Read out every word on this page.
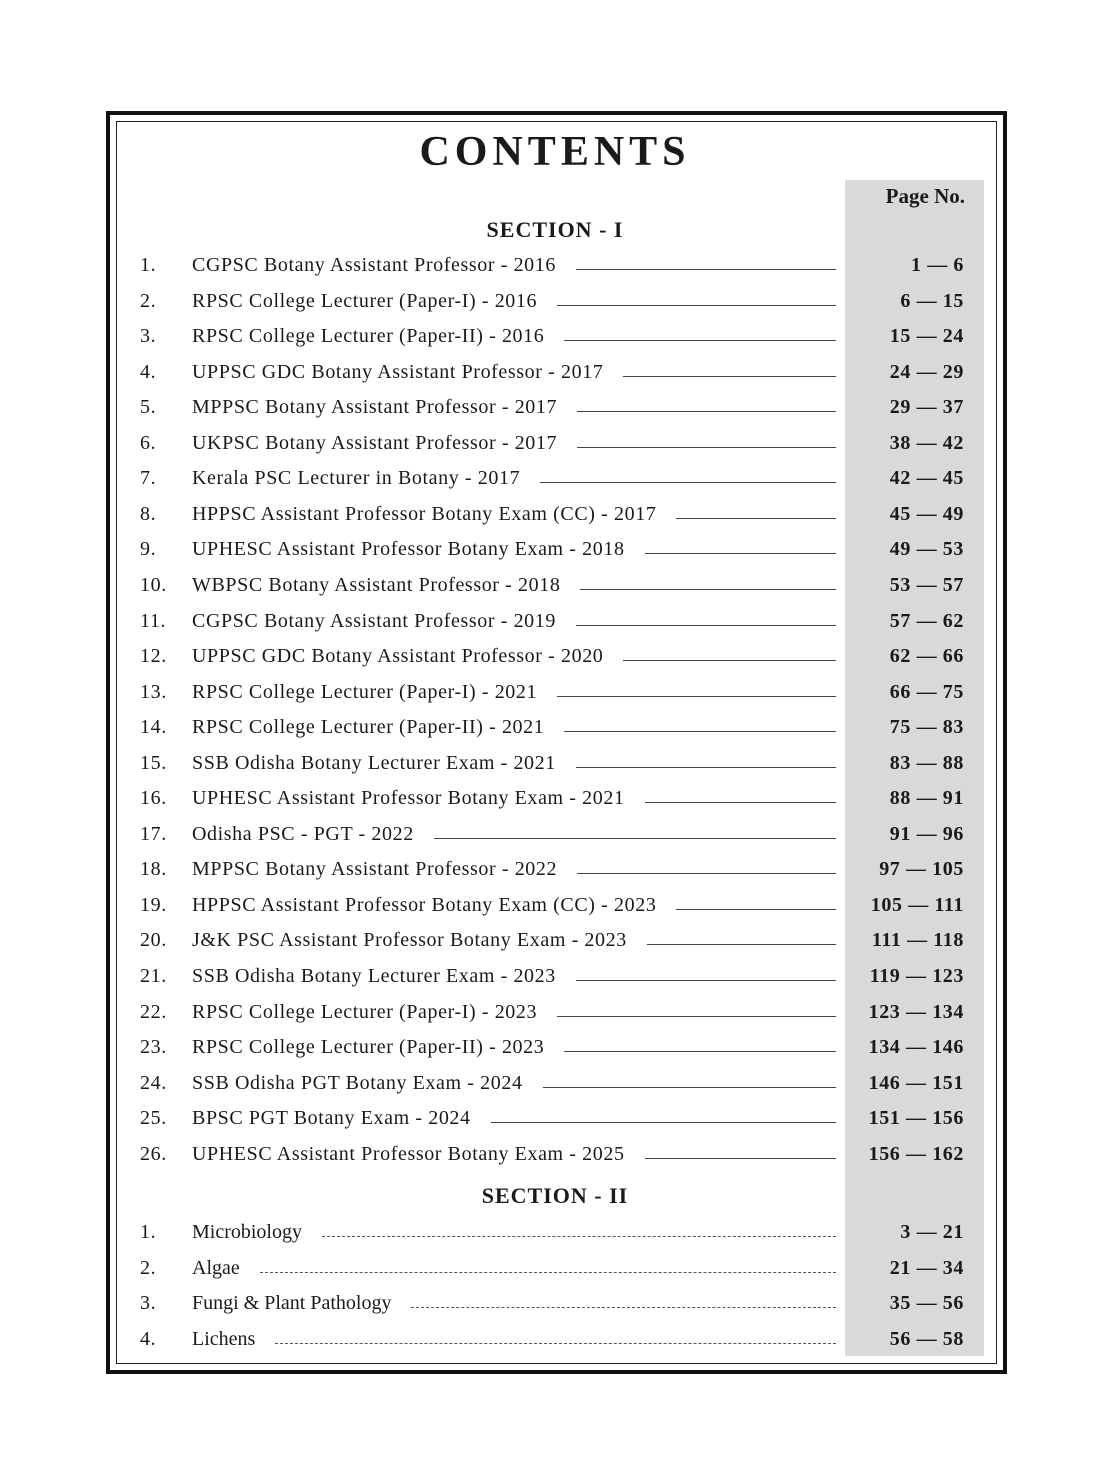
CONTENTS
Page No.
SECTION - I
SECTION - II
1.	CGPSC Botany Assistant Professor - 2016	1 — 6
2.	RPSC College Lecturer (Paper-I) - 2016	6 — 15
3.	RPSC College Lecturer (Paper-II) - 2016	15 — 24
4.	UPPSC GDC Botany Assistant Professor - 2017	24 — 29
5.	MPPSC Botany Assistant Professor - 2017	29 — 37
6.	UKPSC Botany Assistant Professor - 2017	38 — 42
7.	Kerala PSC Lecturer in Botany - 2017	42 — 45
8.	HPPSC Assistant Professor Botany Exam (CC) - 2017	45 — 49
9.	UPHESC Assistant Professor Botany Exam - 2018	49 — 53
10.	WBPSC Botany Assistant Professor - 2018	53 — 57
11.	CGPSC Botany Assistant Professor - 2019	57 — 62
12.	UPPSC GDC Botany Assistant Professor - 2020	62 — 66
13.	RPSC College Lecturer (Paper-I) - 2021	66 — 75
14.	RPSC College Lecturer (Paper-II) - 2021	75 — 83
15.	SSB Odisha Botany Lecturer Exam - 2021	83 — 88
16.	UPHESC Assistant Professor Botany Exam - 2021	88 — 91
17.	Odisha PSC - PGT - 2022	91 — 96
18.	MPPSC Botany Assistant Professor - 2022	97 — 105
19.	HPPSC Assistant Professor Botany Exam (CC) - 2023	105 — 111
20.	J&K PSC Assistant Professor Botany Exam - 2023	111 — 118
21.	SSB Odisha Botany Lecturer Exam - 2023	119 — 123
22.	RPSC College Lecturer (Paper-I) - 2023	123 — 134
23.	RPSC College Lecturer (Paper-II) - 2023	134 — 146
24.	SSB Odisha PGT Botany Exam - 2024	146 — 151
25.	BPSC PGT Botany Exam - 2024	151 — 156
26.	UPHESC Assistant Professor Botany Exam - 2025	156 — 162
1.	Microbiology	3 — 21
2.	Algae	21 — 34
3.	Fungi & Plant Pathology	35 — 56
4.	Lichens	56 — 58
